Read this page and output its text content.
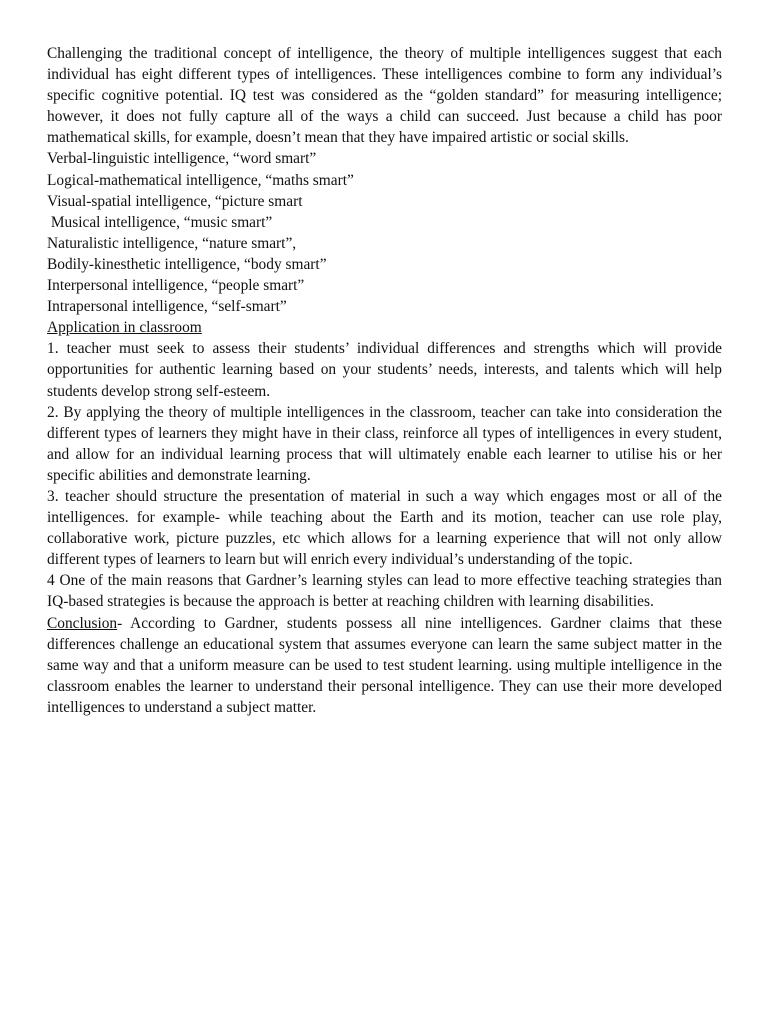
Challenging the traditional concept of intelligence, the theory of multiple intelligences suggest that each individual has eight different types of intelligences. These intelligences combine to form any individual’s specific cognitive potential. IQ test was considered as the “golden standard” for measuring intelligence; however, it does not fully capture all of the ways a child can succeed. Just because a child has poor mathematical skills, for example, doesn’t mean that they have impaired artistic or social skills.

Verbal-linguistic intelligence, “word smart”

Logical-mathematical intelligence, “maths smart”

Visual-spatial intelligence, “picture smart

Musical intelligence, “music smart”

Naturalistic intelligence, “nature smart”,

Bodily-kinesthetic intelligence, “body smart”

Interpersonal intelligence, “people smart”

Intrapersonal intelligence, “self-smart”

Application in classroom

1. teacher must seek to assess their students’ individual differences and strengths which will provide opportunities for authentic learning based on your students’ needs, interests, and talents which will help students develop strong self-esteem.

2. By applying the theory of multiple intelligences in the classroom, teacher can take into consideration the different types of learners they might have in their class, reinforce all types of intelligences in every student, and allow for an individual learning process that will ultimately enable each learner to utilise his or her specific abilities and demonstrate learning.

3. teacher should structure the presentation of material in such a way which engages most or all of the intelligences. for example- while teaching about the Earth and its motion, teacher can use role play, collaborative work, picture puzzles, etc which allows for a learning experience that will not only allow different types of learners to learn but will enrich every individual’s understanding of the topic.

4 One of the main reasons that Gardner’s learning styles can lead to more effective teaching strategies than IQ-based strategies is because the approach is better at reaching children with learning disabilities.

Conclusion- According to Gardner, students possess all nine intelligences. Gardner claims that these differences challenge an educational system that assumes everyone can learn the same subject matter in the same way and that a uniform measure can be used to test student learning. using multiple intelligence in the classroom enables the learner to understand their personal intelligence. They can use their more developed intelligences to understand a subject matter.
